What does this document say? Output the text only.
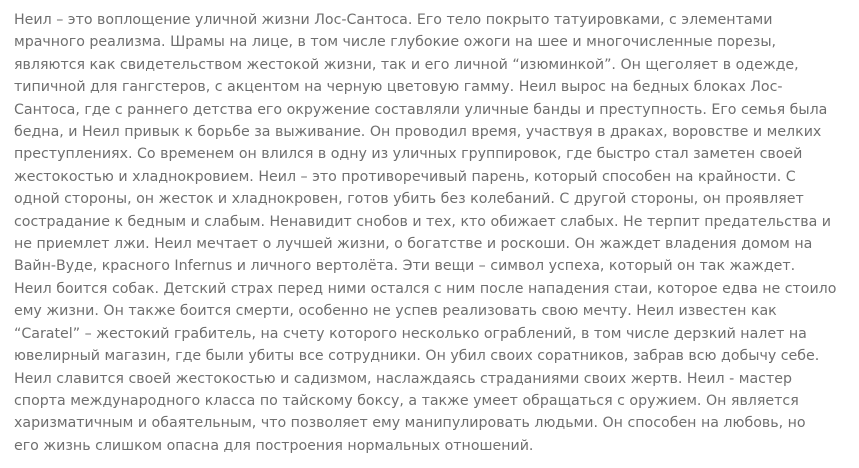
Неил – это воплощение уличной жизни Лос-Сантоса. Его тело покрыто татуировками, с элементами
мрачного реализма. Шрамы на лице, в том числе глубокие ожоги на шее и многочисленные порезы,
являются как свидетельством жестокой жизни, так и его личной “изюминкой”. Он щеголяет в одежде,
типичной для гангстеров, с акцентом на черную цветовую гамму. Неил вырос на бедных блоках Лос-
Сантоса, где с раннего детства его окружение составляли уличные банды и преступность. Его семья была
бедна, и Неил привык к борьбе за выживание. Он проводил время, участвуя в драках, воровстве и мелких
преступлениях. Со временем он влился в одну из уличных группировок, где быстро стал заметен своей
жестокостью и хладнокровием. Неил – это противоречивый парень, который способен на крайности. С
одной стороны, он жесток и хладнокровен, готов убить без колебаний. С другой стороны, он проявляет
сострадание к бедным и слабым. Ненавидит снобов и тех, кто обижает слабых. Не терпит предательства и
не приемлет лжи. Неил мечтает о лучшей жизни, о богатстве и роскоши. Он жаждет владения домом на
Вайн-Вуде, красного Infernus и личного вертолёта. Эти вещи – символ успеха, который он так жаждет.
Неил боится собак. Детский страх перед ними остался с ним после нападения стаи, которое едва не стоило
ему жизни. Он также боится смерти, особенно не успев реализовать свою мечту. Неил известен как
“Caratel” – жестокий грабитель, на счету которого несколько ограблений, в том числе дерзкий налет на
ювелирный магазин, где были убиты все сотрудники. Он убил своих соратников, забрав всю добычу себе.
Неил славится своей жестокостью и садизмом, наслаждаясь страданиями своих жертв. Неил - мастер
спорта международного класса по тайскому боксу, а также умеет обращаться с оружием. Он является
харизматичным и обаятельным, что позволяет ему манипулировать людьми. Он способен на любовь, но
его жизнь слишком опасна для построения нормальных отношений.
